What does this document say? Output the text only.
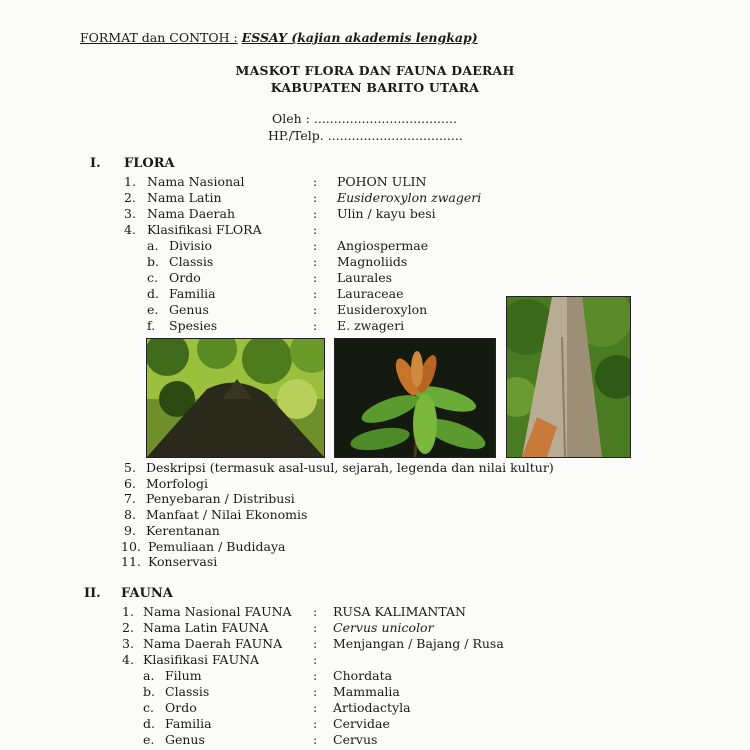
FORMAT dan CONTOH : ESSAY (kajian akademis lengkap)
MASKOT FLORA DAN FAUNA DAERAH
KABUPATEN BARITO UTARA
Oleh : ....................................
HP./Telp. ..................................
I. FLORA
1. Nama Nasional	: POHON ULIN
2. Nama Latin	: Eusideroxylon zwageri
3. Nama Daerah	: Ulin / kayu besi
4. Klasifikasi FLORA	:
a. Divisio	: Angiospermae
b. Classis	: Magnoliids
c. Ordo	: Laurales
d. Familia	: Lauraceae
e. Genus	: Eusideroxylon
f. Spesies	: E. zwageri
5. Deskripsi (termasuk asal-usul, sejarah, legenda dan nilai kultur)
6. Morfologi
7. Penyebaran / Distribusi
8. Manfaat / Nilai Ekonomis
9. Kerentanan
10. Pemuliaan / Budidaya
11. Konservasi
II. FAUNA
1. Nama Nasional FAUNA : RUSA KALIMANTAN
2. Nama Latin FAUNA	: Cervus unicolor
3. Nama Daerah FAUNA : Menjangan / Bajang / Rusa
4. Klasifikasi FAUNA	:
a. Filum	: Chordata
b. Classis	: Mammalia
c. Ordo	: Artiodactyla
d. Familia	: Cervidae
e. Genus	: Cervus
